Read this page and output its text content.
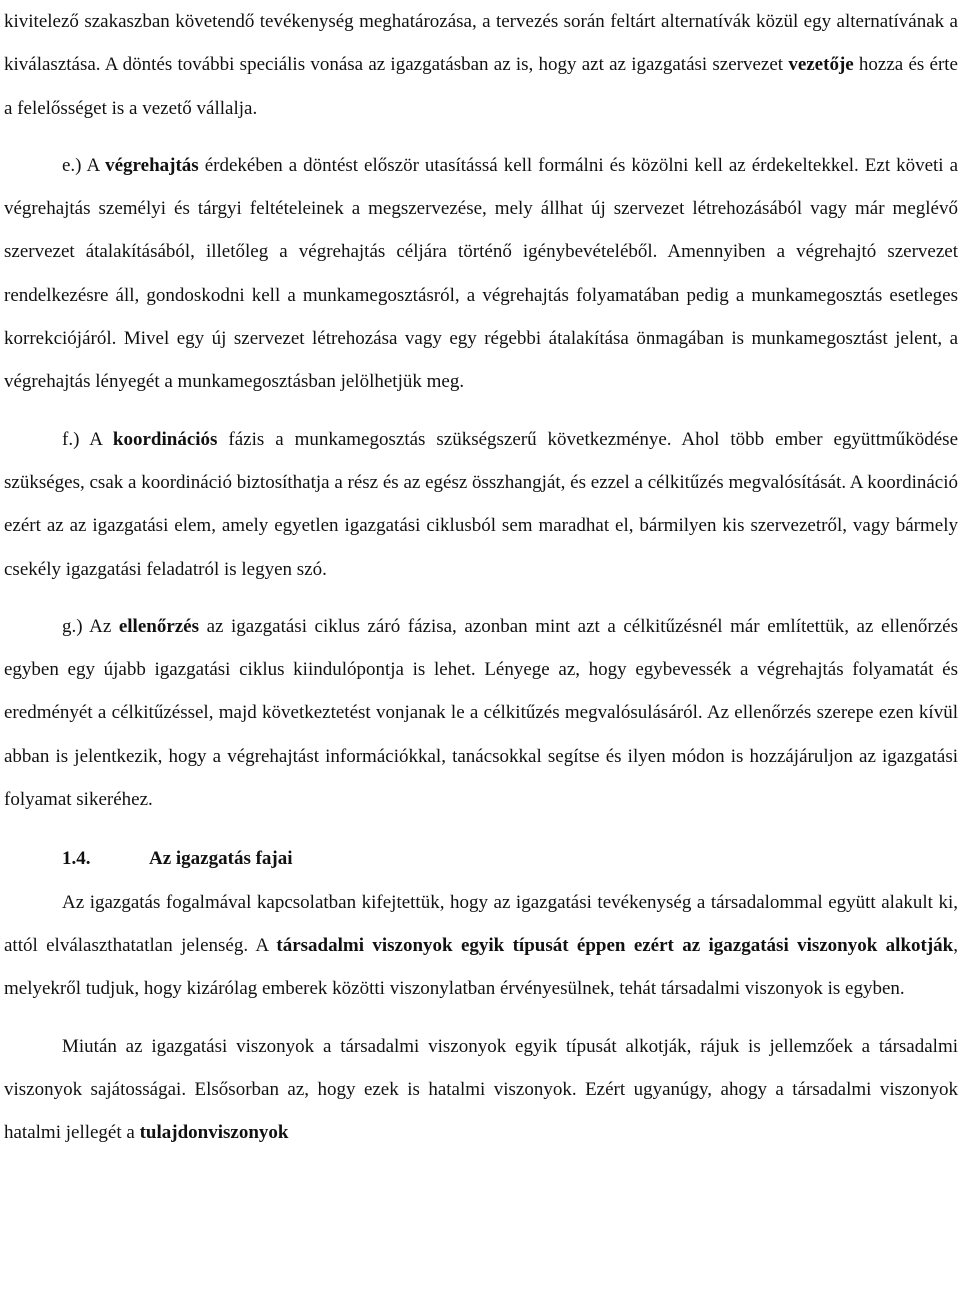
kivitelező szakaszban követendő tevékenység meghatározása, a tervezés során feltárt alternatívák közül egy alternatívának a kiválasztása. A döntés további speciális vonása az igazgatásban az is, hogy azt az igazgatási szervezet vezetője hozza és érte a felelősséget is a vezető vállalja.

e.) A végrehajtás érdekében a döntést először utasítássá kell formálni és közölni kell az érdekeltekkel. Ezt követi a végrehajtás személyi és tárgyi feltételeinek a megszervezése, mely állhat új szervezet létrehozásából vagy már meglévő szervezet átalakításából, illetőleg a végrehajtás céljára történő igénybevételéből. Amennyiben a végrehajtó szervezet rendelkezésre áll, gondoskodni kell a munkamegosztásról, a végrehajtás folyamatában pedig a munkamegosztás esetleges korrekciójáról. Mivel egy új szervezet létrehozása vagy egy régebbi átalakítása önmagában is munkamegosztást jelent, a végrehajtás lényegét a munkamegosztásban jelölhetjük meg.

f.) A koordinációs fázis a munkamegosztás szükségszerű következménye. Ahol több ember együttműködése szükséges, csak a koordináció biztosíthatja a rész és az egész összhangját, és ezzel a célkitűzés megvalósítását. A koordináció ezért az az igazgatási elem, amely egyetlen igazgatási ciklusból sem maradhat el, bármilyen kis szervezetről, vagy bármely csekély igazgatási feladatról is legyen szó.

g.) Az ellenőrzés az igazgatási ciklus záró fázisa, azonban mint azt a célkitűzésnél már említettük, az ellenőrzés egyben egy újabb igazgatási ciklus kiindulópontja is lehet. Lényege az, hogy egybevessék a végrehajtás folyamatát és eredményét a célkitűzéssel, majd következtetést vonjanak le a célkitűzés megvalósulásáról. Az ellenőrzés szerepe ezen kívül abban is jelentkezik, hogy a végrehajtást információkkal, tanácsokkal segítse és ilyen módon is hozzájáruljon az igazgatási folyamat sikeréhez.

1.4.	Az igazgatás fajai

Az igazgatás fogalmával kapcsolatban kifejtettük, hogy az igazgatási tevékenység a társadalommal együtt alakult ki, attól elválaszthatatlan jelenség. A társadalmi viszonyok egyik típusát éppen ezért az igazgatási viszonyok alkotják, melyekről tudjuk, hogy kizárólag emberek közötti viszonylatban érvényesülnek, tehát társadalmi viszonyok is egyben.

Miután az igazgatási viszonyok a társadalmi viszonyok egyik típusát alkotják, rájuk is jellemzőek a társadalmi viszonyok sajátosságai. Elsősorban az, hogy ezek is hatalmi viszonyok. Ezért ugyanúgy, ahogy a társadalmi viszonyok hatalmi jellegét a tulajdonviszonyok
